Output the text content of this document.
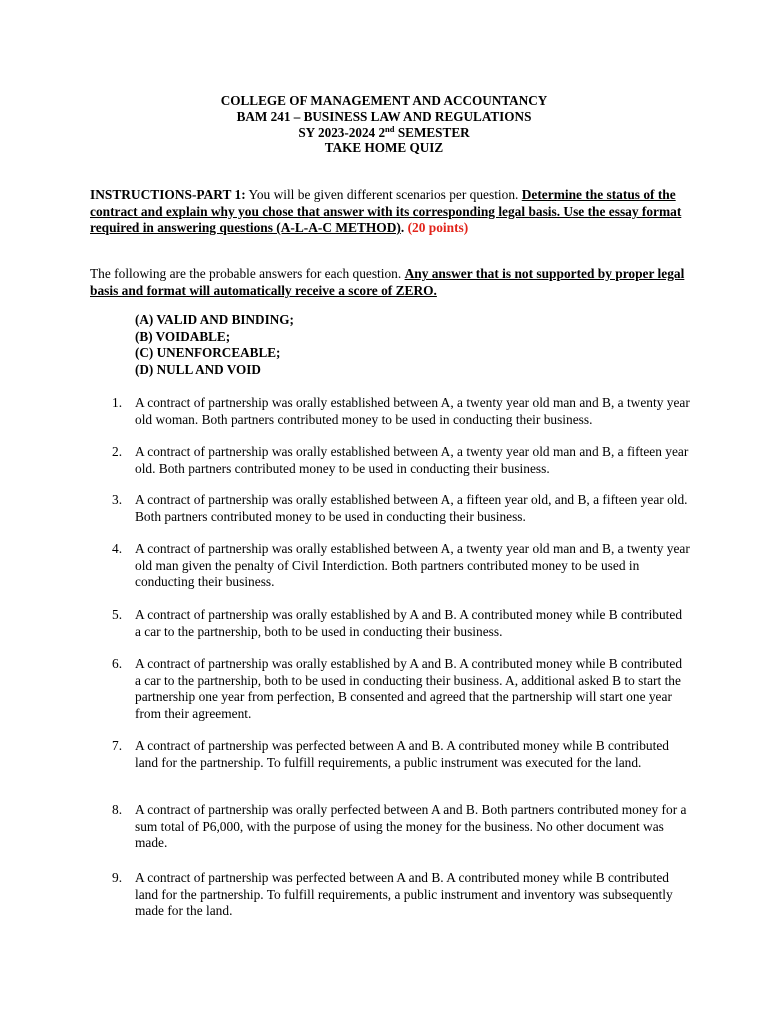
COLLEGE OF MANAGEMENT AND ACCOUNTANCY
BAM 241 – BUSINESS LAW AND REGULATIONS
SY 2023-2024 2nd SEMESTER
TAKE HOME QUIZ
INSTRUCTIONS-PART 1: You will be given different scenarios per question. Determine the status of the contract and explain why you chose that answer with its corresponding legal basis. Use the essay format required in answering questions (A-L-A-C METHOD). (20 points)
The following are the probable answers for each question. Any answer that is not supported by proper legal basis and format will automatically receive a score of ZERO.
(A) VALID AND BINDING;
(B) VOIDABLE;
(C) UNENFORCEABLE;
(D) NULL AND VOID
1. A contract of partnership was orally established between A, a twenty year old man and B, a twenty year old woman. Both partners contributed money to be used in conducting their business.
2. A contract of partnership was orally established between A, a twenty year old man and B, a fifteen year old. Both partners contributed money to be used in conducting their business.
3. A contract of partnership was orally established between A, a fifteen year old, and B, a fifteen year old. Both partners contributed money to be used in conducting their business.
4. A contract of partnership was orally established between A, a twenty year old man and B, a twenty year old man given the penalty of Civil Interdiction. Both partners contributed money to be used in conducting their business.
5. A contract of partnership was orally established by A and B. A contributed money while B contributed a car to the partnership, both to be used in conducting their business.
6. A contract of partnership was orally established by A and B. A contributed money while B contributed a car to the partnership, both to be used in conducting their business. A, additional asked B to start the partnership one year from perfection, B consented and agreed that the partnership will start one year from their agreement.
7. A contract of partnership was perfected between A and B. A contributed money while B contributed land for the partnership. To fulfill requirements, a public instrument was executed for the land.
8. A contract of partnership was orally perfected between A and B. Both partners contributed money for a sum total of P6,000, with the purpose of using the money for the business. No other document was made.
9. A contract of partnership was perfected between A and B. A contributed money while B contributed land for the partnership. To fulfill requirements, a public instrument and inventory was subsequently made for the land.
